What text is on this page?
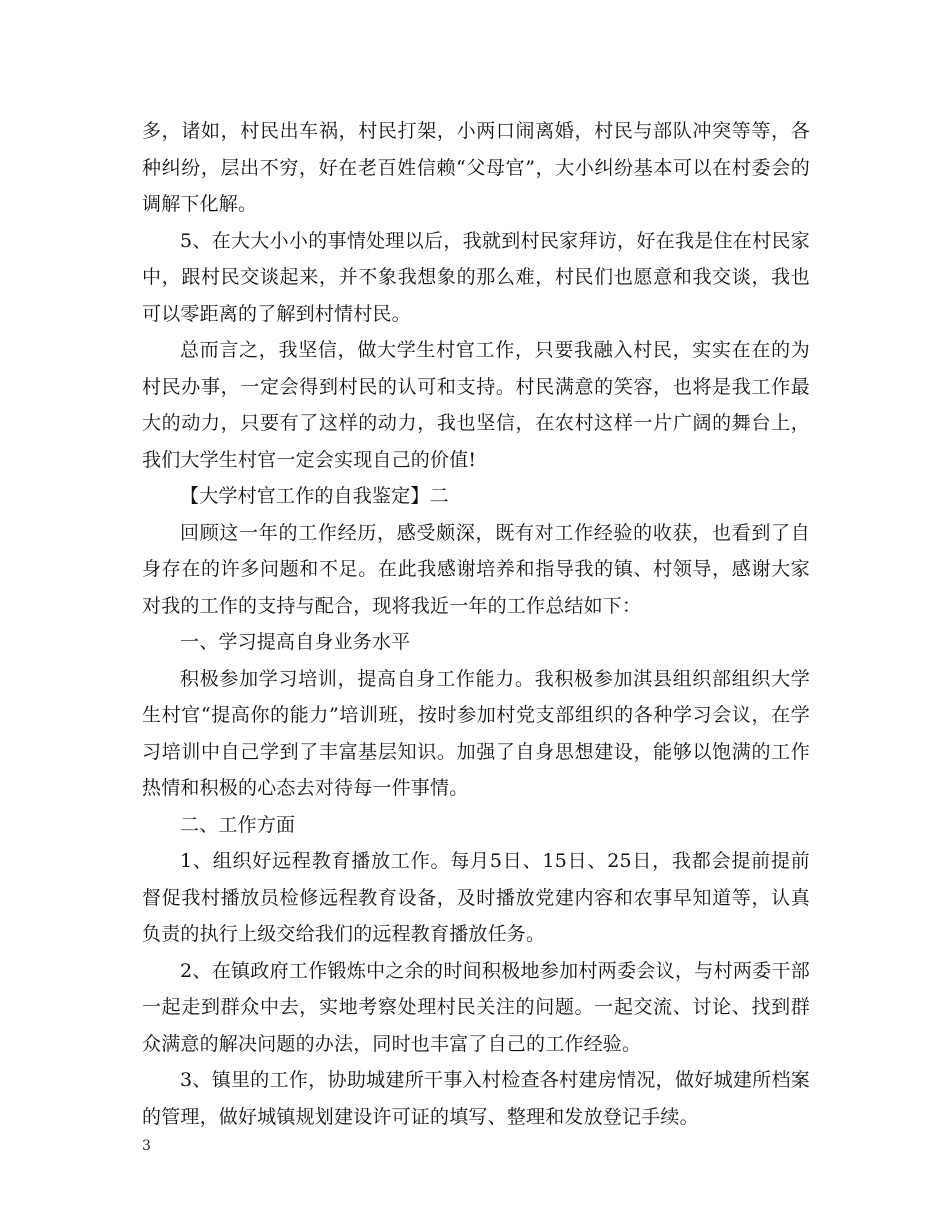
多，诸如，村民出车祸，村民打架，小两口闹离婚，村民与部队冲突等等，各种纠纷，层出不穷，好在老百姓信赖“父母官”，大小纠纷基本可以在村委会的调解下化解。

5、在大大小小的事情处理以后，我就到村民家拜访，好在我是住在村民家中，跟村民交谈起来，并不象我想象的那么难，村民们也愿意和我交谈，我也可以零距离的了解到村情村民。

总而言之，我坚信，做大学生村官工作，只要我融入村民，实实在在的为村民办事，一定会得到村民的认可和支持。村民满意的笑容，也将是我工作最大的动力，只要有了这样的动力，我也坚信，在农村这样一片广阔的舞台上，我们大学生村官一定会实现自己的价值!

【大学村官工作的自我鉴定】二

回顾这一年的工作经历，感受颇深，既有对工作经验的收获，也看到了自身存在的许多问题和不足。在此我感谢培养和指导我的镇、村领导，感谢大家对我的工作的支持与配合，现将我近一年的工作总结如下：

一、学习提高自身业务水平

积极参加学习培训，提高自身工作能力。我积极参加淇县组织部组织大学生村官“提高你的能力”培训班，按时参加村党支部组织的各种学习会议，在学习培训中自己学到了丰富基层知识。加强了自身思想建设，能够以饱满的工作热情和积极的心态去对待每一件事情。

二、工作方面

1、组织好远程教育播放工作。每月5日、15日、25日，我都会提前提前督促我村播放员检修远程教育设备，及时播放党建内容和农事早知道等，认真负责的执行上级交给我们的远程教育播放任务。

2、在镇政府工作锻炼中之余的时间积极地参加村两委会议，与村两委干部一起走到群众中去，实地考察处理村民关注的问题。一起交流、讨论、找到群众满意的解决问题的办法，同时也丰富了自己的工作经验。

3、镇里的工作，协助城建所干事入村检查各村建房情况，做好城建所档案的管理，做好城镇规划建设许可证的填写、整理和发放登记手续。

3
